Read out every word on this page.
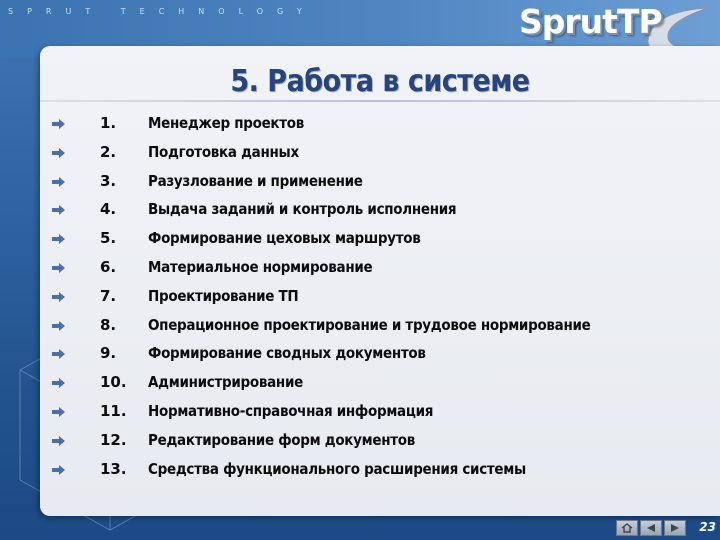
SPRUT TECHNOLOGY	SprutTP
5. Работа в системе
1. Менеджер проектов
2. Подготовка данных
3. Разузлование и применение
4. Выдача заданий и контроль исполнения
5. Формирование цеховых маршрутов
6. Материальное нормирование
7. Проектирование ТП
8. Операционное проектирование и трудовое нормирование
9. Формирование сводных документов
10. Администрирование
11. Нормативно-справочная информация
12. Редактирование форм документов
13. Средства функционального расширения системы
23
